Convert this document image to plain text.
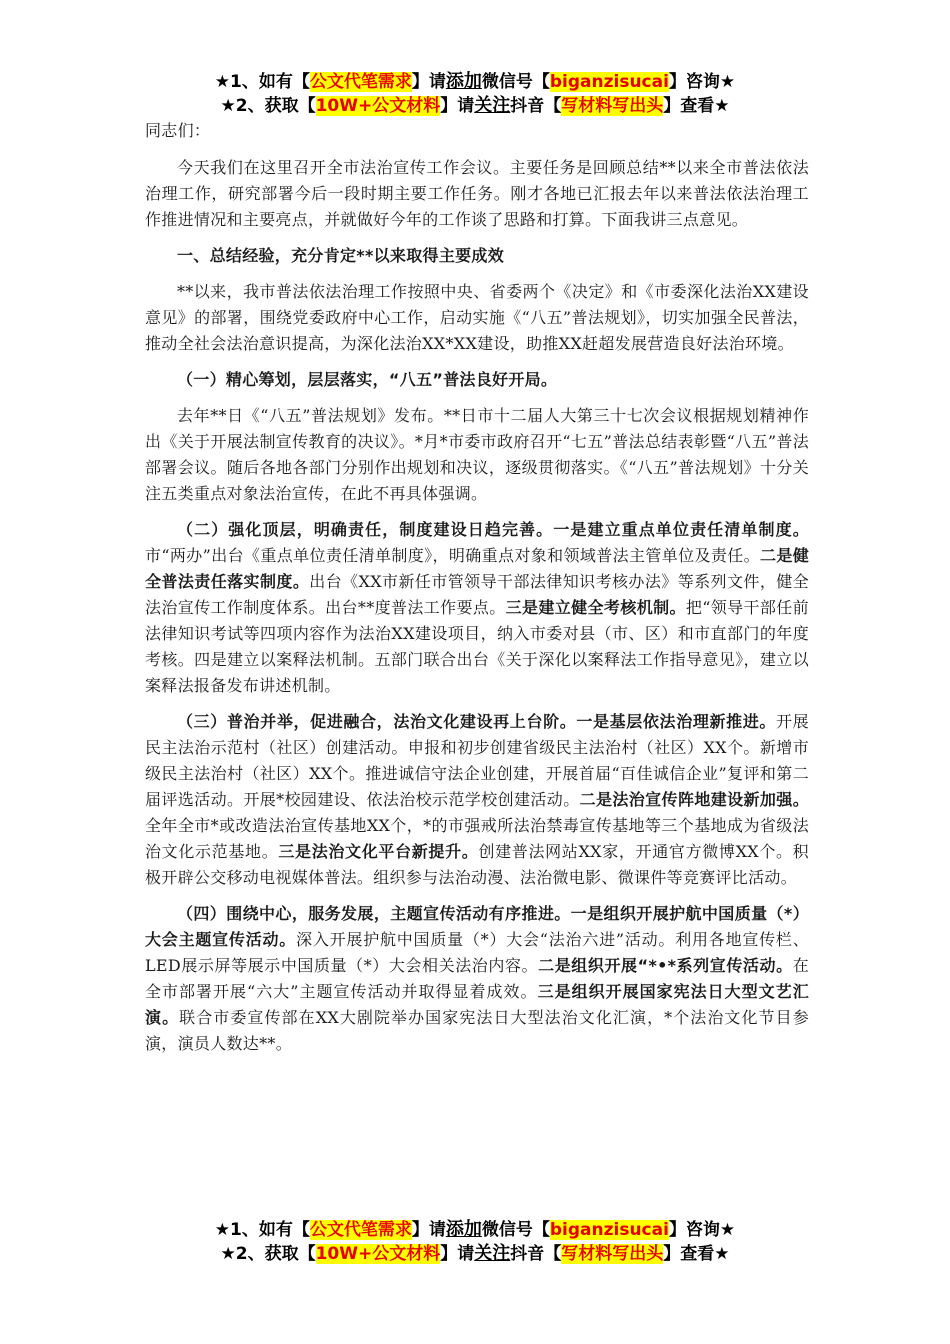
★1、如有【公文代笔需求】请添加微信号【biganzisucai】咨询★
★2、获取【10W+公文材料】请关注抖音【写材料写出头】查看★

同志们：

今天我们在这里召开全市法治宣传工作会议。主要任务是回顾总结**以来全市普法依法治理工作，研究部署今后一段时期主要工作任务。刚才各地已汇报去年以来普法依法治理工作推进情况和主要亮点，并就做好今年的工作谈了思路和打算。下面我讲三点意见。

一、总结经验，充分肯定**以来取得主要成效

**以来，我市普法依法治理工作按照中央、省委两个《决定》和《市委深化法治XX建设意见》的部署，围绕党委政府中心工作，启动实施《“八五”普法规划》，切实加强全民普法，推动全社会法治意识提高，为深化法治XX*XX建设，助推XX赶超发展营造良好法治环境。

（一）精心筹划，层层落实，“八五”普法良好开局。

去年**日《“八五”普法规划》发布。**日市十二届人大第三十七次会议根据规划精神作出《关于开展法制宣传教育的决议》。*月*市委市政府召开“七五”普法总结表彰暨“八五”普法部署会议。随后各地各部门分别作出规划和决议，逐级贯彻落实。《“八五”普法规划》十分关注五类重点对象法治宣传，在此不再具体强调。

（二）强化顶层，明确责任，制度建设日趋完善。一是建立重点单位责任清单制度。市“两办”出台《重点单位责任清单制度》，明确重点对象和领域普法主管单位及责任。二是健全普法责任落实制度。出台《XX市新任市管领导干部法律知识考核办法》等系列文件，健全法治宣传工作制度体系。出台**度普法工作要点。三是建立健全考核机制。把“领导干部任前法律知识考试等四项内容作为法治XX建设项目，纳入市委对县（市、区）和市直部门的年度考核。四是建立以案释法机制。五部门联合出台《关于深化以案释法工作指导意见》，建立以案释法报备发布讲述机制。

（三）普治并举，促进融合，法治文化建设再上台阶。一是基层依法治理新推进。开展民主法治示范村（社区）创建活动。申报和初步创建省级民主法治村（社区）XX个。新增市级民主法治村（社区）XX个。推进诚信守法企业创建，开展首届“百佳诚信企业”复评和第二届评选活动。开展*校园建设、依法治校示范学校创建活动。二是法治宣传阵地建设新加强。全年全市*或改造法治宣传基地XX个，*的市强戒所法治禁毒宣传基地等三个基地成为省级法治文化示范基地。三是法治文化平台新提升。创建普法网站XX家，开通官方微博XX个。积极开辟公交移动电视媒体普法。组织参与法治动漫、法治微电影、微课件等竞赛评比活动。

（四）围绕中心，服务发展，主题宣传活动有序推进。一是组织开展护航中国质量（*）大会主题宣传活动。深入开展护航中国质量（*）大会“法治六进”活动。利用各地宣传栏、LED展示屏等展示中国质量（*）大会相关法治内容。二是组织开展“*•*系列宣传活动。在全市部署开展“六大”主题宣传活动并取得显着成效。三是组织开展国家宪法日大型文艺汇演。联合市委宣传部在XX大剧院举办国家宪法日大型法治文化汇演，*个法治文化节目参演，演员人数达**。

★1、如有【公文代笔需求】请添加微信号【biganzisucai】咨询★
★2、获取【10W+公文材料】请关注抖音【写材料写出头】查看★
